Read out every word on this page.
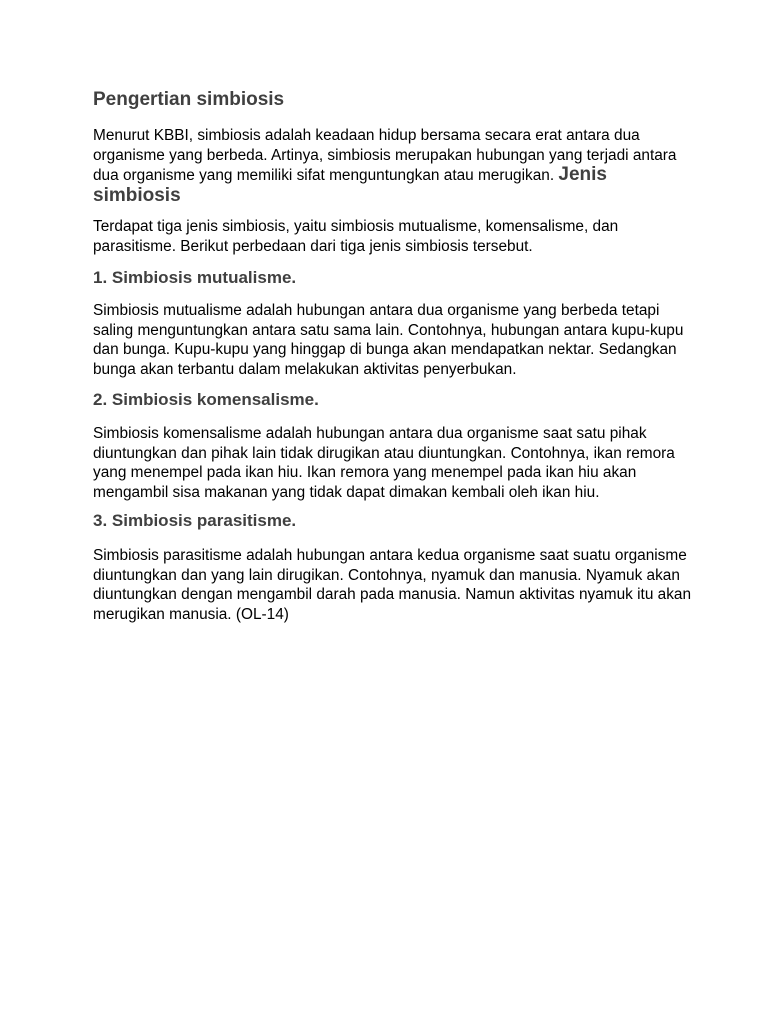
Pengertian simbiosis

Menurut KBBI, simbiosis adalah keadaan hidup bersama secara erat antara dua organisme yang berbeda. Artinya, simbiosis merupakan hubungan yang terjadi antara dua organisme yang memiliki sifat menguntungkan atau merugikan. Jenis simbiosis

Terdapat tiga jenis simbiosis, yaitu simbiosis mutualisme, komensalisme, dan parasitisme. Berikut perbedaan dari tiga jenis simbiosis tersebut.

1. Simbiosis mutualisme.

Simbiosis mutualisme adalah hubungan antara dua organisme yang berbeda tetapi saling menguntungkan antara satu sama lain. Contohnya, hubungan antara kupu-kupu dan bunga. Kupu-kupu yang hinggap di bunga akan mendapatkan nektar. Sedangkan bunga akan terbantu dalam melakukan aktivitas penyerbukan.

2. Simbiosis komensalisme.

Simbiosis komensalisme adalah hubungan antara dua organisme saat satu pihak diuntungkan dan pihak lain tidak dirugikan atau diuntungkan. Contohnya, ikan remora yang menempel pada ikan hiu. Ikan remora yang menempel pada ikan hiu akan mengambil sisa makanan yang tidak dapat dimakan kembali oleh ikan hiu.

3. Simbiosis parasitisme.

Simbiosis parasitisme adalah hubungan antara kedua organisme saat suatu organisme diuntungkan dan yang lain dirugikan. Contohnya, nyamuk dan manusia. Nyamuk akan diuntungkan dengan mengambil darah pada manusia. Namun aktivitas nyamuk itu akan merugikan manusia. (OL-14)
